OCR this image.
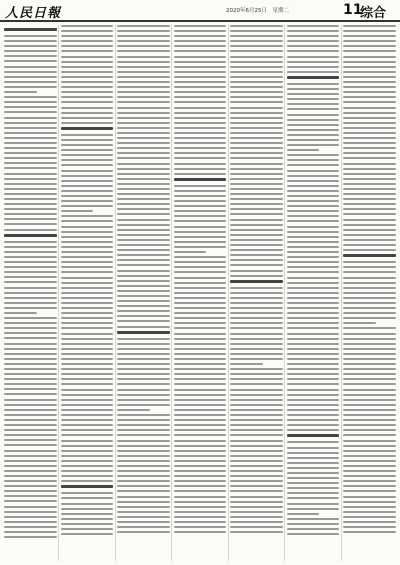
人民日報	2020年6月25日　星期二	11
综合
